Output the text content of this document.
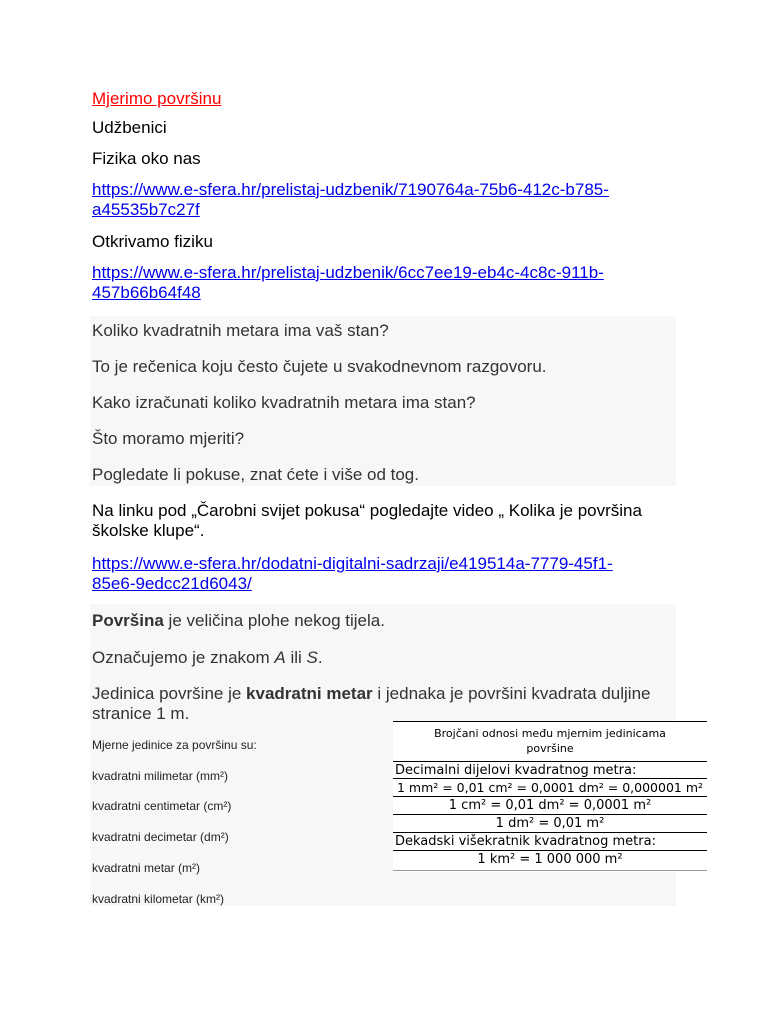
Mjerimo površinu
Udžbenici
Fizika oko nas
https://www.e-sfera.hr/prelistaj-udzbenik/7190764a-75b6-412c-b785-
a45535b7c27f
Otkrivamo fiziku
https://www.e-sfera.hr/prelistaj-udzbenik/6cc7ee19-eb4c-4c8c-911b-
457b66b64f48
Koliko kvadratnih metara ima vaš stan?
To je rečenica koju često čujete u svakodnevnom razgovoru.
Kako izračunati koliko kvadratnih metara ima stan?
Što moramo mjeriti?
Pogledate li pokuse, znat ćete i više od tog.
Na linku pod „Čarobni svijet pokusa“ pogledajte video „ Kolika je površina
školske klupe“.
https://www.e-sfera.hr/dodatni-digitalni-sadrzaji/e419514a-7779-45f1-
85e6-9edcc21d6043/
Površina je veličina plohe nekog tijela.
Označujemo je znakom A ili S.
Jedinica površine je kvadratni metar i jednaka je površini kvadrata duljine
stranice 1 m.
Mjerne jedinice za površinu su:
kvadratni milimetar (mm²)
kvadratni centimetar (cm²)
kvadratni decimetar (dm²)
kvadratni metar (m²)
kvadratni kilometar (km²)
Brojčani odnosi među mjernim jedinicama
površine
Decimalni dijelovi kvadratnog metra:
1 mm² = 0,01 cm² = 0,0001 dm² = 0,000001 m²
1 cm² = 0,01 dm² = 0,0001 m²
1 dm² = 0,01 m²
Dekadski višekratnik kvadratnog metra:
1 km² = 1 000 000 m²
